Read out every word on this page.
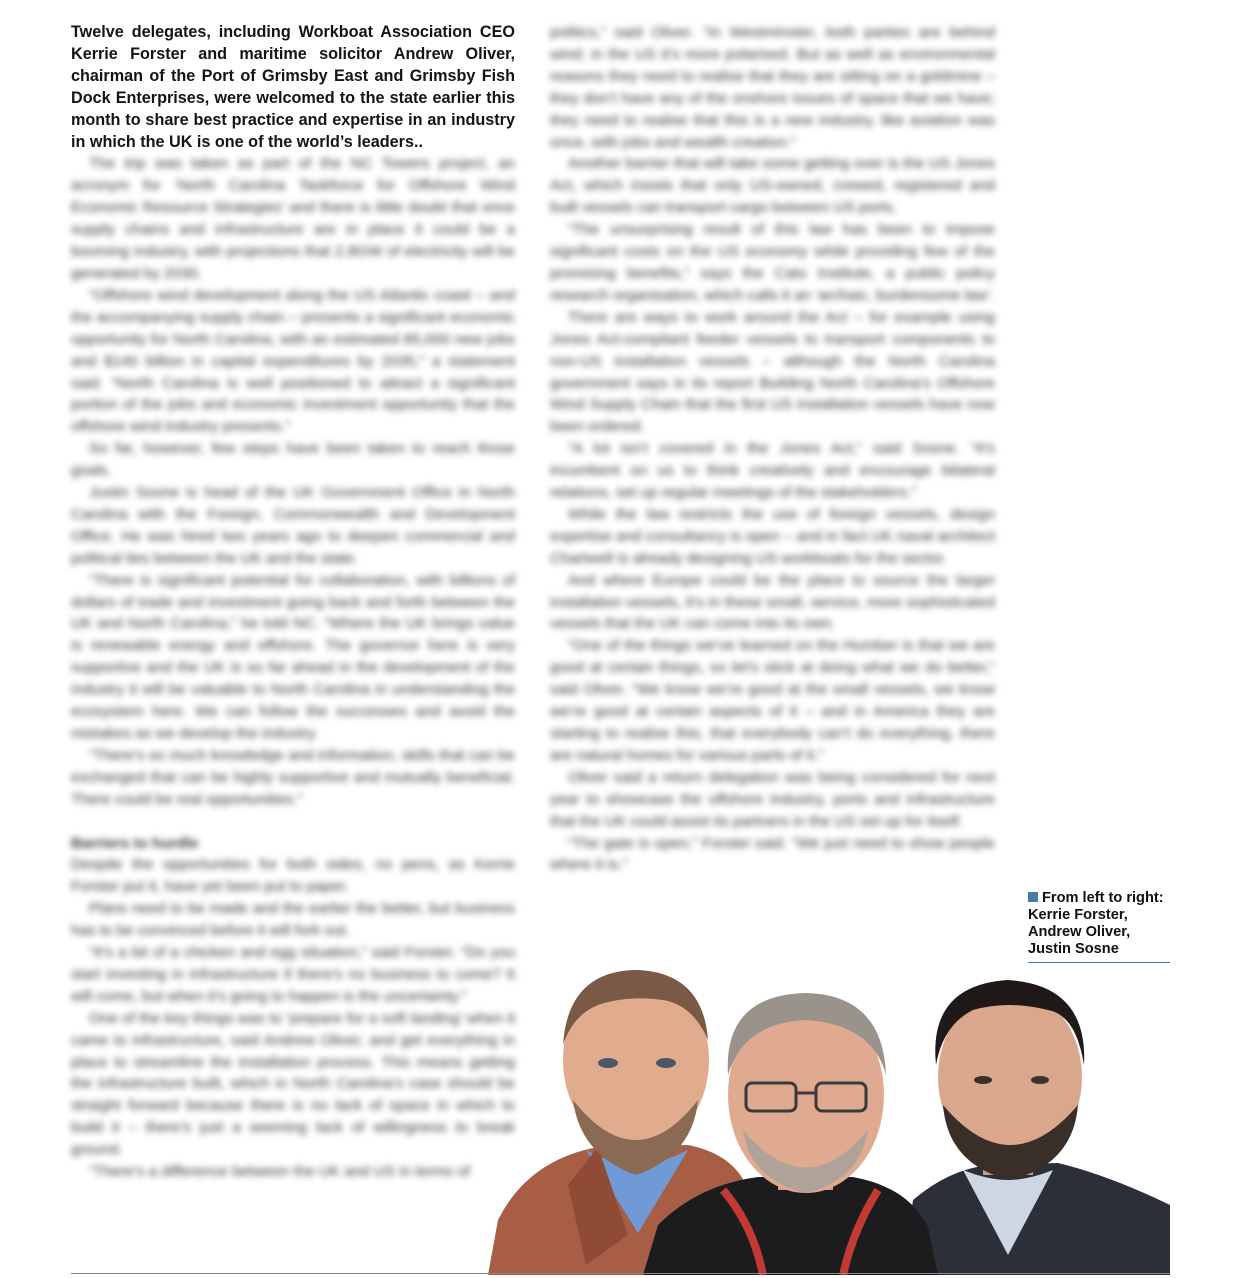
Twelve delegates, including Workboat Association CEO Kerrie Forster and maritime solicitor Andrew Oliver, chairman of the Port of Grimsby East and Grimsby Fish Dock Enterprises, were welcomed to the state earlier this month to share best practice and expertise in an industry in which the UK is one of the world’s leaders..

The trip was taken as part of the NC Towers project, an acronym for ‘North Carolina Taskforce for Offshore Wind Economic Resource Strategies’ and there is little doubt that once supply chains and infrastructure are in place it could be a booming industry, with projections that 2.8GW of electricity will be generated by 2030.

“Offshore wind development along the US Atlantic coast – and the accompanying supply chain – presents a significant economic opportunity for North Carolina, with an estimated 85,000 new jobs and $140 billion in capital expenditures by 2035,” a statement said. “North Carolina is well positioned to attract a significant portion of the jobs and economic investment opportunity that the offshore wind industry presents.”

So far, however, few steps have been taken to reach those goals.

Justin Sosne is head of the UK Government Office in North Carolina with the Foreign, Commonwealth and Development Office. He was hired two years ago to deepen commercial and political ties between the UK and the state.

“There is significant potential for collaboration, with billions of dollars of trade and investment going back and forth between the UK and North Carolina,” he told NC. “Where the UK brings value is renewable energy and offshore. The governor here is very supportive and the UK is so far ahead in the development of the industry it will be valuable to North Carolina in understanding the ecosystem here. We can follow the successes and avoid the mistakes as we develop the industry.

“There’s so much knowledge and information, skills that can be exchanged that can be highly supportive and mutually beneficial. There could be real opportunities.”

Barriers to hurdle

Despite the opportunities for both sides, no pens, as Kerrie Forster put it, have yet been put to paper.

Plans need to be made and the earlier the better, but business has to be convinced before it will fork out.

“It’s a bit of a chicken and egg situation,” said Forster. “Do you start investing in infrastructure if there’s no business to come? It will come, but when it’s going to happen is the uncertainty.”

One of the key things was to ‘prepare for a soft landing’ when it came to infrastructure, said Andrew Oliver, and get everything in place to streamline the installation process. This means getting the infrastructure built, which in North Carolina’s case should be straight forward because there is no lack of space in which to build it – there’s just a seeming lack of willingness to break ground.

“There’s a difference between the UK and US in terms of

politics,” said Oliver. “In Westminster, both parties are behind wind; in the US it’s more polarised. But as well as environmental reasons they need to realise that they are sitting on a goldmine – they don’t have any of the onshore issues of space that we have; they need to realise that this is a new industry, like aviation was once, with jobs and wealth creation.”

Another barrier that will take some getting over is the US Jones Act, which insists that only US-owned, crewed, registered and built vessels can transport cargo between US ports.

“The unsurprising result of this law has been to impose significant costs on the US economy while providing few of the promising benefits,” says the Cato Institute, a public policy research organisation, which calls it an ‘archaic, burdensome law’.

There are ways to work around the Act – for example using Jones Act-compliant feeder vessels to transport components to non-US installation vessels – although the North Carolina government says in its report Building North Carolina’s Offshore Wind Supply Chain that the first US installation vessels have now been ordered.

“A lot isn’t covered in the Jones Act,” said Sosne. “It’s incumbent on us to think creatively and encourage bilateral relations, set up regular meetings of the stakeholders.”

While the law restricts the use of foreign vessels, design expertise and consultancy is open – and in fact UK naval architect Chartwell is already designing US workboats for the sector.

And where Europe could be the place to source the larger installation vessels, it’s in these small, service, more sophisticated vessels that the UK can come into its own.

“One of the things we’ve learned on the Humber is that we are good at certain things, so let’s stick at doing what we do better,” said Oliver. “We know we’re good at the small vessels, we know we’re good at certain aspects of it – and in America they are starting to realise this, that everybody can’t do everything, there are natural homes for various parts of it.”

Oliver said a return delegation was being considered for next year to showcase the offshore industry, ports and infrastructure that the UK could assist its partners in the US set up for itself.

“The gate is open,” Forster said. “We just need to show people where it is.”

From left to right:
Kerrie Forster,
Andrew Oliver,
Justin Sosne
